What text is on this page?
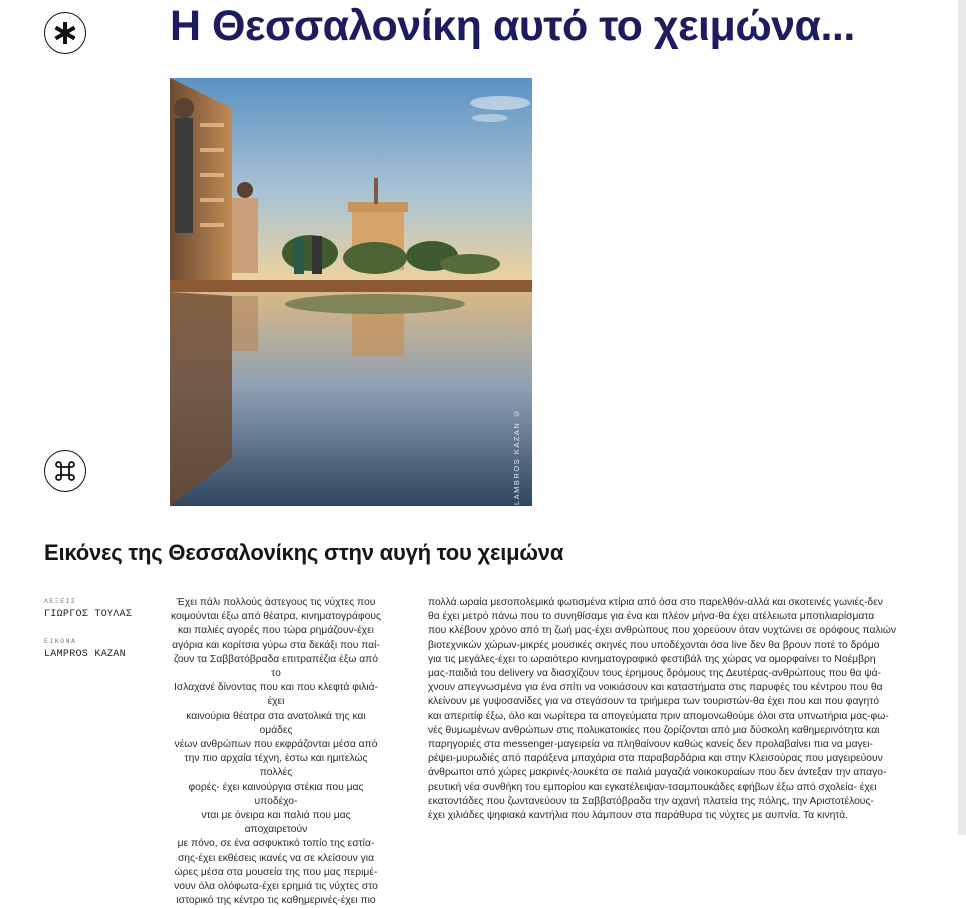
Η Θεσσαλονίκη αυτό το χειμώνα...
LAMBROS KAZAN ©
Εικόνες της Θεσσαλονίκης στην αυγή του χειμώνα
ΛΕΞΕΙΣ
ΓΙΩΡΓΟΣ ΤΟΥΛΑΣ
ΕΙΚΟΝΑ
LAMPROS KAZAN

Έχει πάλι πολλούς άστεγους τις νύχτες που
κοιμούνται έξω από θέατρα, κινηματογράφους
και παλιές αγορές που τώρα ρημάζουν-έχει
αγόρια και κορίτσια γύρω στα δεκάξι που παί-
ζουν τα Σαββατόβραδα επιτραπέζια έξω από το
Ισλαχανέ δίνοντας που και που κλεφτά φιλιά-έχει
καινούρια θέατρα στα ανατολικά της και ομάδες
νέων ανθρώπων που εκφράζονται μέσα από
την πιο αρχαία τέχνη, έστω και ημιτελώς πολλές
φορές- έχει καινούργια στέκια που μας υποδέχο-
νται με όνειρα και παλιά που μας αποχαιρετούν
με πόνο, σε ένα ασφυκτικό τοπίο της εστία-
σης-έχει εκθέσεις ικανές να σε κλείσουν για
ώρες μέσα στα μουσεία της που μας περιμέ-
νουν όλα ολόφωτα-έχει ερημιά τις νύχτες στο
ιστορικό της κέντρο τις καθημερινές-έχει πιο

πολλά ωραία μεσοπολεμικά φωτισμένα κτίρια από όσα στο παρελθόν-αλλά και σκοτεινές γωνιές-δεν
θα έχει μετρό πάνω που το συνηθίσαμε για ένα και πλέον μήνα-θα έχει ατέλειωτα μποτιλιαρίσματα
που κλέβουν χρόνο από τη ζωή μας-έχει ανθρώπους που χορεύουν όταν νυχτώνει σε ορόφους παλιών
βιοτεχνικών χώρων-μικρές μουσικές σκηνές που υποδέχονται όσα live δεν θα βρουν ποτέ το δρόμο
για τις μεγάλες-έχει το ωραιότερο κινηματογραφικό φεστιβάλ της χώρας να ομορφαίνει το Νοέμβρη
μας-παιδιά του delivery να διασχίζουν τους έρημους δρόμους της Δευτέρας-ανθρώπους που θα ψά-
χνουν απεγνωσμένα για ένα σπίτι να νοικιάσουν και καταστήματα στις παρυφές του κέντρου που θα
κλείνουν με γυψοσανίδες για να στεγάσουν τα τριήμερα των τουριστών-θα έχει που και που φαγητό
και απεριτίφ έξω, όλο και νωρίτερα τα απογεύματα πριν απομονωθούμε όλοι στα υπνωτήρια μας-φω-
νές θυμωμένων ανθρώπων στις πολυκατοικίες που ζορίζονται από μια δύσκολη καθημερινότητα και
παρηγοριές στα messenger-μαγειρεία να πληθαίνουν καθώς κανείς δεν προλαβαίνει πια να μαγει-
ρέψει-μυρωδιές από παράξενα μπαχάρια στα παραβαρδάρια και στην Κλεισούρας που μαγειρεύουν
άνθρωποι από χώρες μακρινές-λουκέτα σε παλιά μαγαζιά νοικοκυραίων που δεν άντεξαν την απαγο-
ρευτική νέα συνθήκη του εμπορίου και εγκατέλειψαν-τσαμπουκάδες εφήβων έξω από σχολεία- έχει
εκατοντάδες που ζωντανεύουν τα Σαββατόβραδα την αχανή πλατεία της πόλης, την Αριστοτέλους-
έχει χιλιάδες ψηφιακά καντήλια που λάμπουν στα παράθυρα τις νύχτες με αυπνία. Τα κινητά.
